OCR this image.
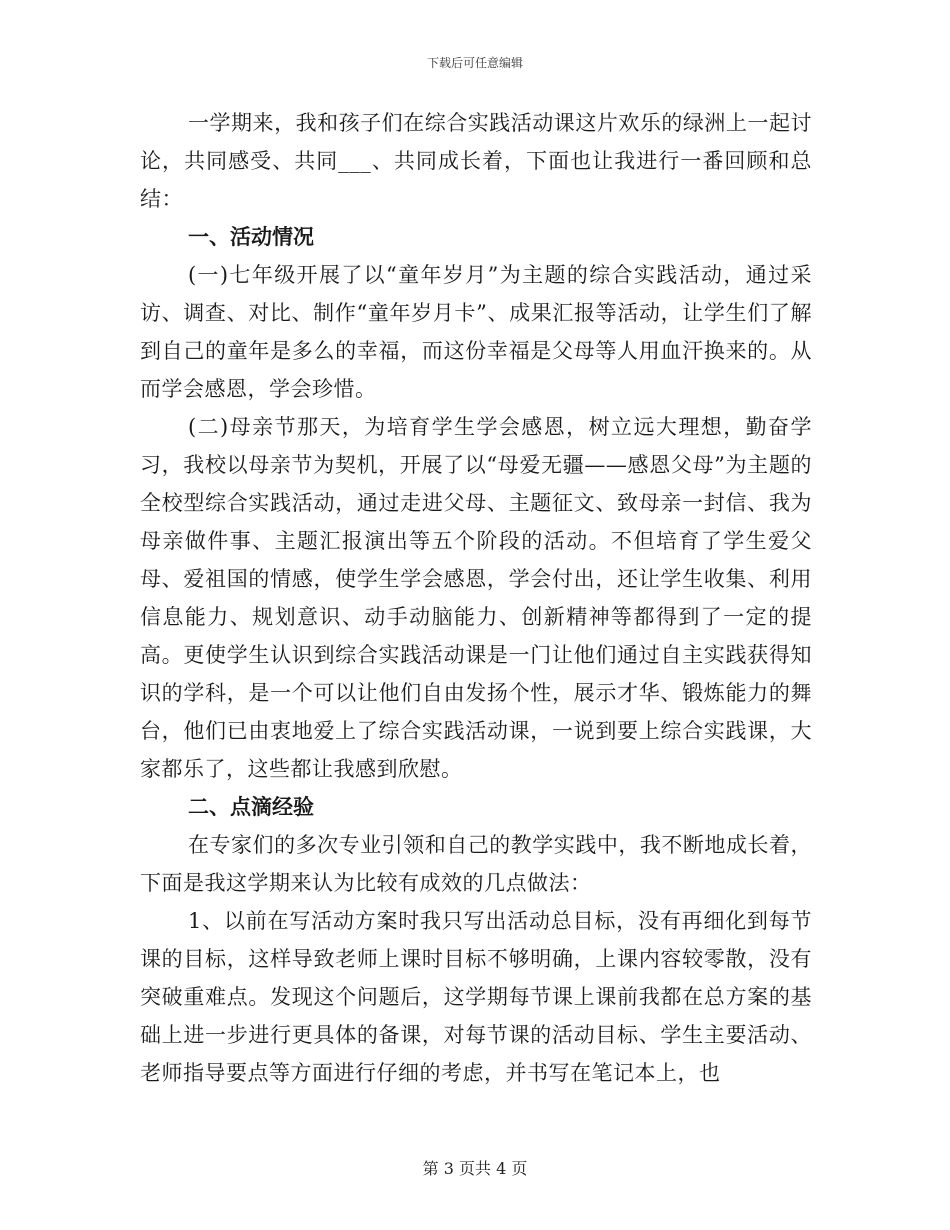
下载后可任意编辑

一学期来，我和孩子们在综合实践活动课这片欢乐的绿洲上一起讨论，共同感受、共同___、共同成长着，下面也让我进行一番回顾和总结：

一、活动情况

(一)七年级开展了以“童年岁月”为主题的综合实践活动，通过采访、调查、对比、制作“童年岁月卡”、成果汇报等活动，让学生们了解到自己的童年是多么的幸福，而这份幸福是父母等人用血汗换来的。从而学会感恩，学会珍惜。

(二)母亲节那天，为培育学生学会感恩，树立远大理想，勤奋学习，我校以母亲节为契机，开展了以“母爱无疆——感恩父母”为主题的全校型综合实践活动，通过走进父母、主题征文、致母亲一封信、我为母亲做件事、主题汇报演出等五个阶段的活动。不但培育了学生爱父母、爱祖国的情感，使学生学会感恩，学会付出，还让学生收集、利用信息能力、规划意识、动手动脑能力、创新精神等都得到了一定的提高。更使学生认识到综合实践活动课是一门让他们通过自主实践获得知识的学科，是一个可以让他们自由发扬个性，展示才华、锻炼能力的舞台，他们已由衷地爱上了综合实践活动课，一说到要上综合实践课，大家都乐了，这些都让我感到欣慰。

二、点滴经验

在专家们的多次专业引领和自己的教学实践中，我不断地成长着，下面是我这学期来认为比较有成效的几点做法：

1、以前在写活动方案时我只写出活动总目标，没有再细化到每节课的目标，这样导致老师上课时目标不够明确，上课内容较零散，没有突破重难点。发现这个问题后，这学期每节课上课前我都在总方案的基础上进一步进行更具体的备课，对每节课的活动目标、学生主要活动、老师指导要点等方面进行仔细的考虑，并书写在笔记本上，也

第 3 页共 4 页
